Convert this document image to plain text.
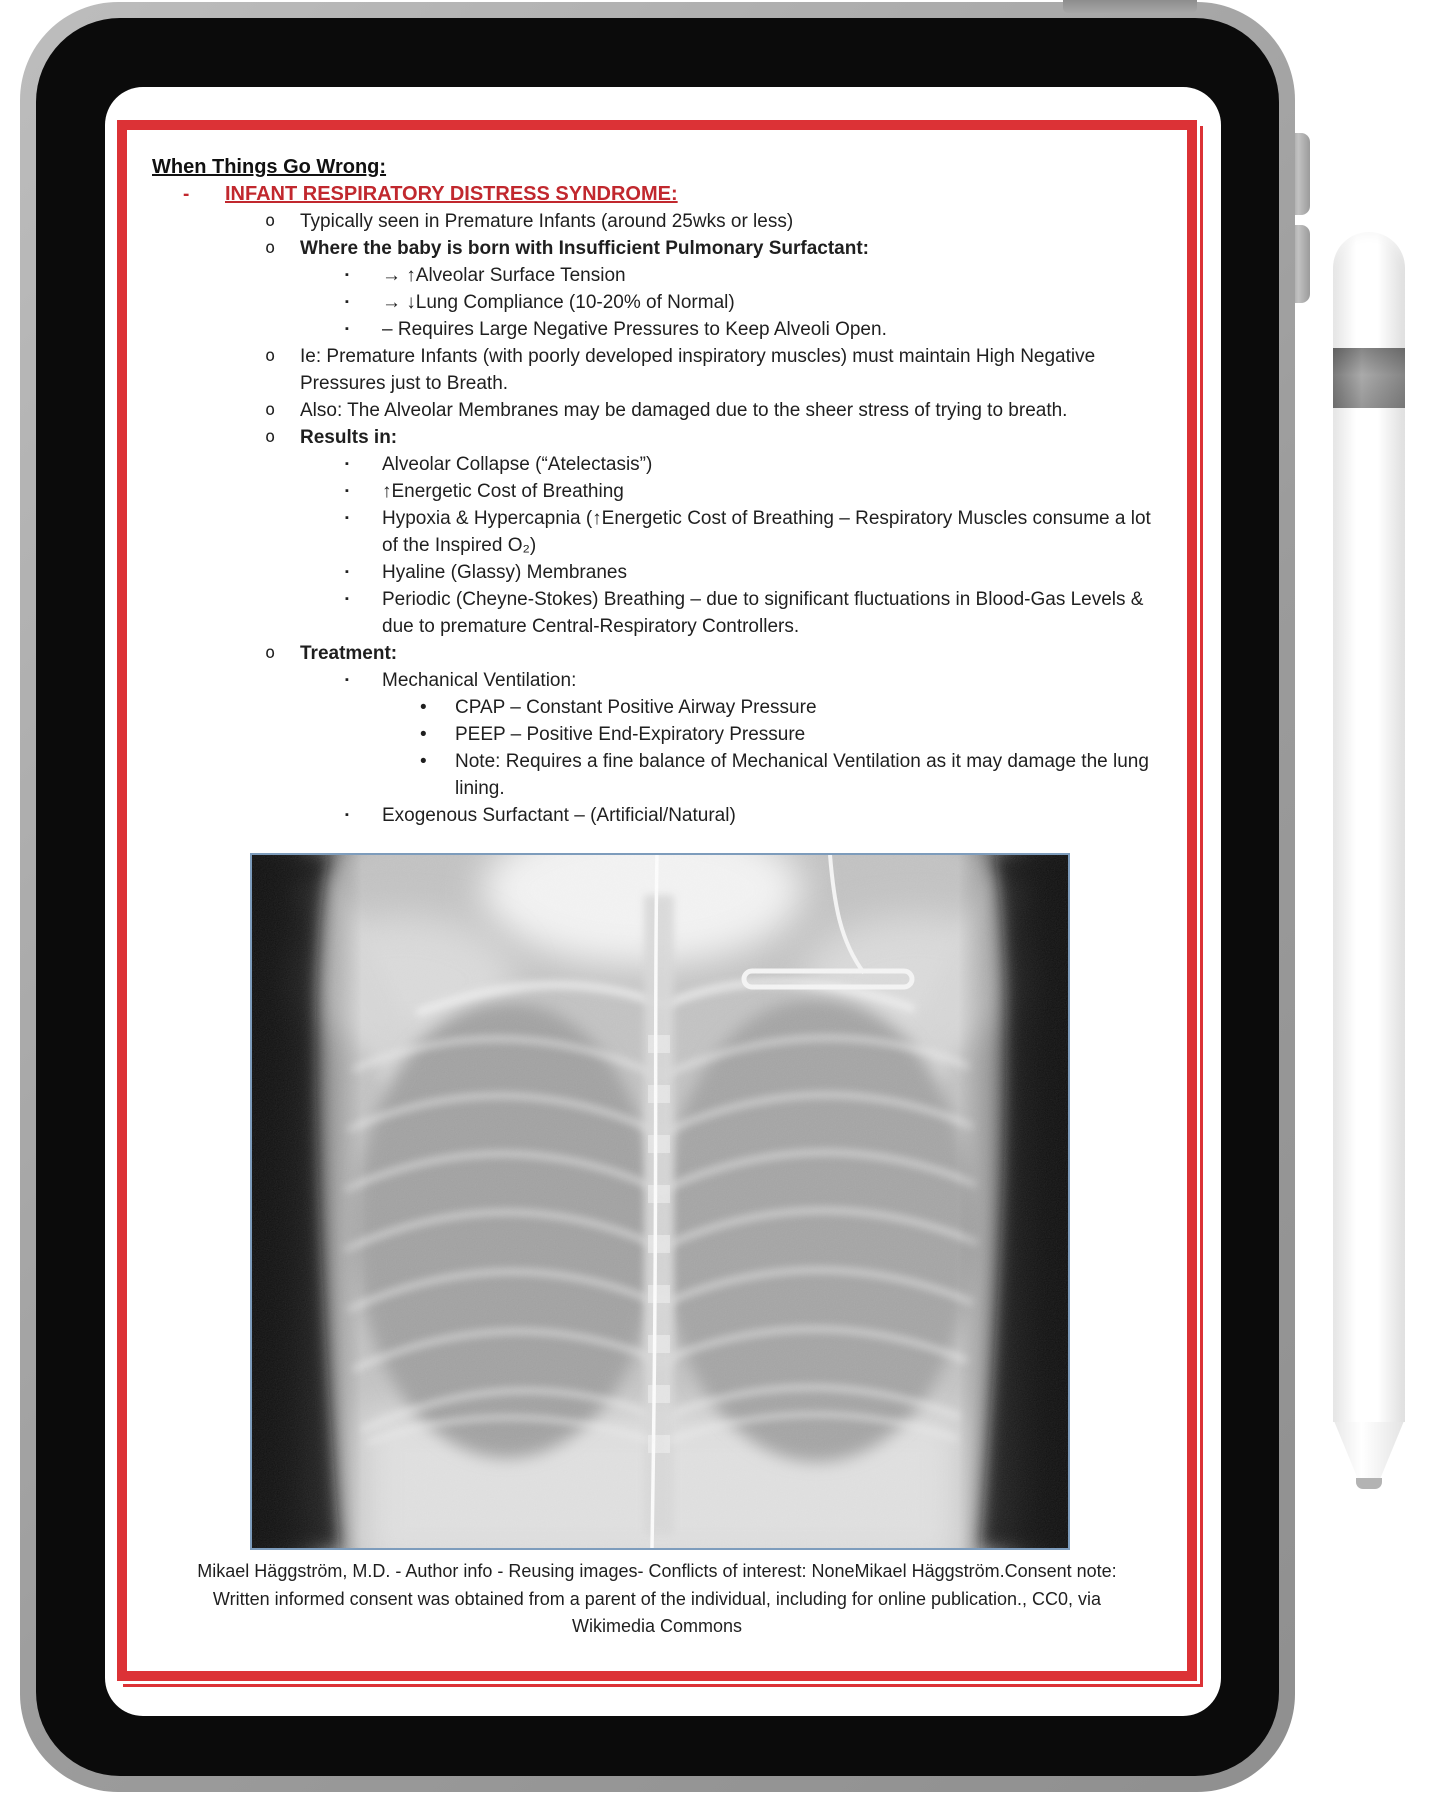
When Things Go Wrong:
-	INFANT RESPIRATORY DISTRESS SYNDROME:
o	Typically seen in Premature Infants (around 25wks or less)
o	Where the baby is born with Insufficient Pulmonary Surfactant:
▪	→ ↑Alveolar Surface Tension
▪	→ ↓Lung Compliance (10-20% of Normal)
▪	– Requires Large Negative Pressures to Keep Alveoli Open.
o	Ie: Premature Infants (with poorly developed inspiratory muscles) must maintain High Negative Pressures just to Breath.
o	Also: The Alveolar Membranes may be damaged due to the sheer stress of trying to breath.
o	Results in:
▪	Alveolar Collapse (“Atelectasis”)
▪	↑Energetic Cost of Breathing
▪	Hypoxia & Hypercapnia (↑Energetic Cost of Breathing – Respiratory Muscles consume a lot of the Inspired O₂)
▪	Hyaline (Glassy) Membranes
▪	Periodic (Cheyne-Stokes) Breathing – due to significant fluctuations in Blood-Gas Levels & due to premature Central-Respiratory Controllers.
o	Treatment:
▪	Mechanical Ventilation:
•	CPAP – Constant Positive Airway Pressure
•	PEEP – Positive End-Expiratory Pressure
•	Note: Requires a fine balance of Mechanical Ventilation as it may damage the lung lining.
▪	Exogenous Surfactant – (Artificial/Natural)
Mikael Häggström, M.D. - Author info - Reusing images- Conflicts of interest: NoneMikael Häggström.Consent note: Written informed consent was obtained from a parent of the individual, including for online publication., CC0, via Wikimedia Commons
